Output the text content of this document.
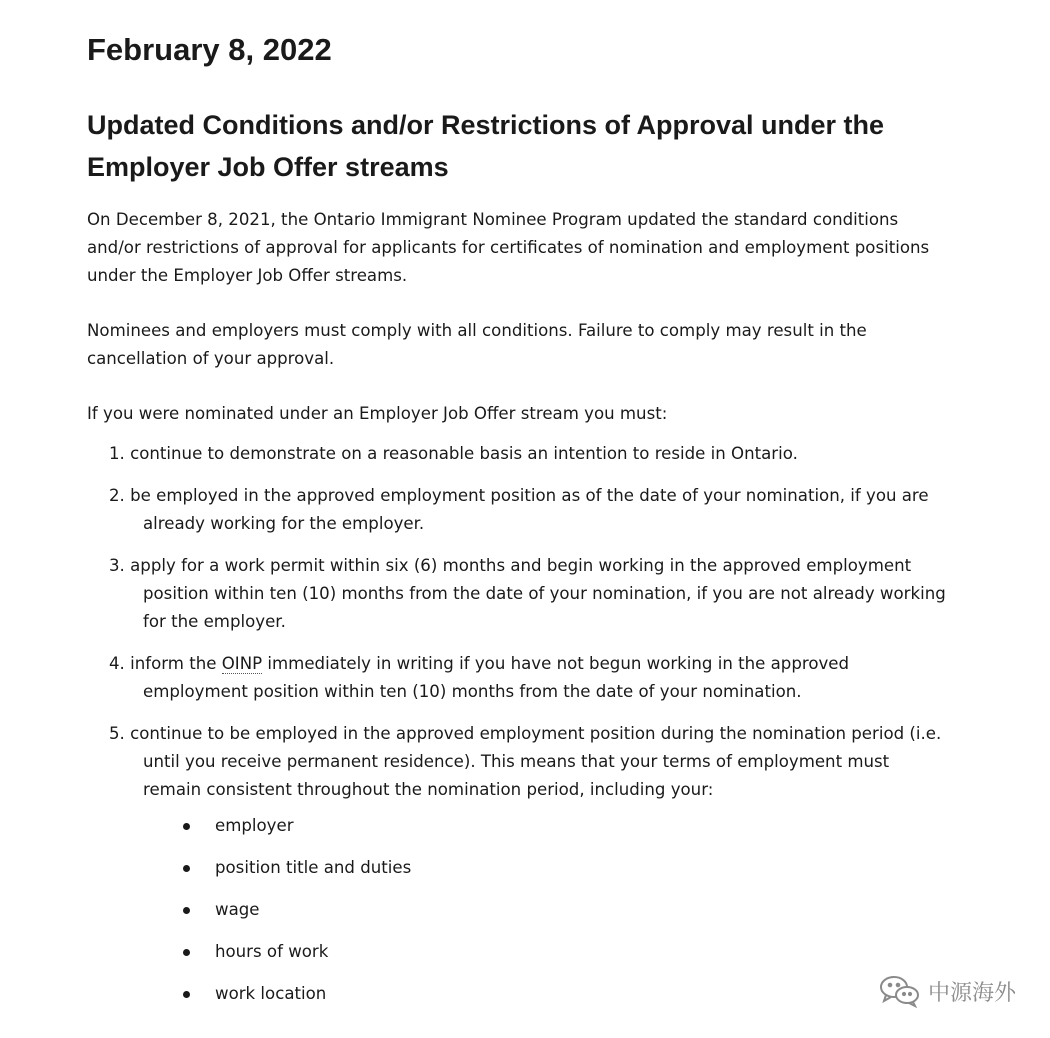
February 8, 2022
Updated Conditions and/or Restrictions of Approval under the Employer Job Offer streams

On December 8, 2021, the Ontario Immigrant Nominee Program updated the standard conditions and/or restrictions of approval for applicants for certificates of nomination and employment positions under the Employer Job Offer streams.

Nominees and employers must comply with all conditions. Failure to comply may result in the cancellation of your approval.

If you were nominated under an Employer Job Offer stream you must:

1. continue to demonstrate on a reasonable basis an intention to reside in Ontario.
2. be employed in the approved employment position as of the date of your nomination, if you are already working for the employer.
3. apply for a work permit within six (6) months and begin working in the approved employment position within ten (10) months from the date of your nomination, if you are not already working for the employer.
4. inform the OINP immediately in writing if you have not begun working in the approved employment position within ten (10) months from the date of your nomination.
5. continue to be employed in the approved employment position during the nomination period (i.e. until you receive permanent residence). This means that your terms of employment must remain consistent throughout the nomination period, including your:
employer
position title and duties
wage
hours of work
work location	中源海外
